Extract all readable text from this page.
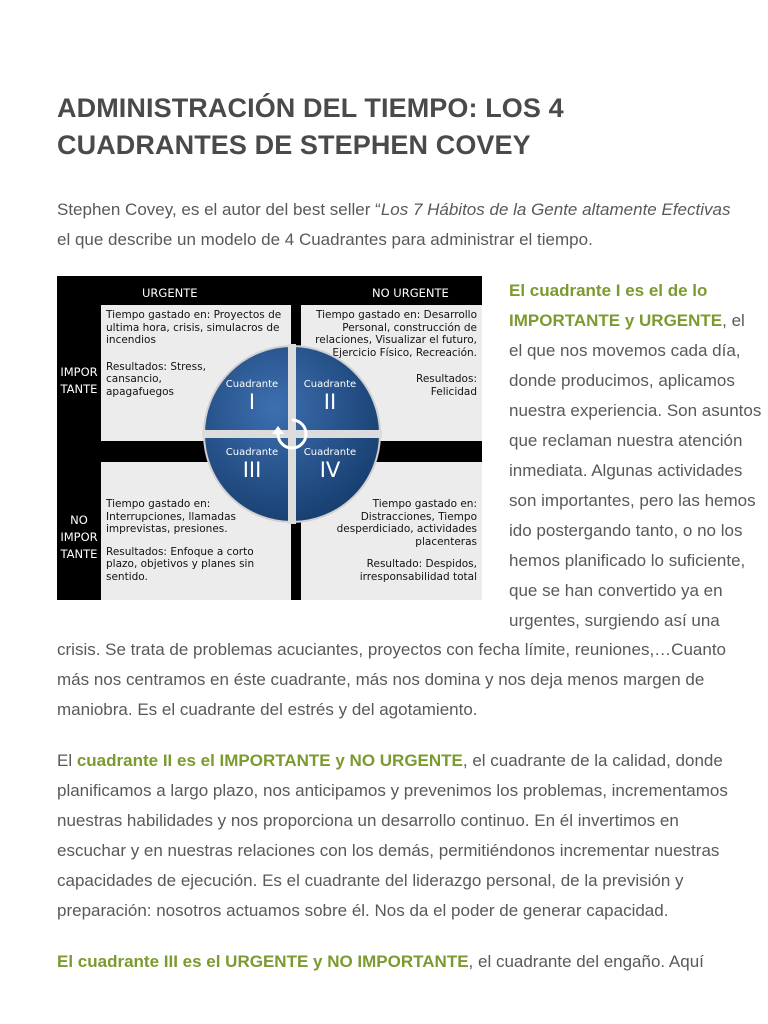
ADMINISTRACIÓN DEL TIEMPO: LOS 4
CUADRANTES DE STEPHEN COVEY

Stephen Covey, es el autor del best seller “Los 7 Hábitos de la Gente altamente Efectivas

el que describe un modelo de 4 Cuadrantes para administrar el tiempo.

URGENTE	NO URGENTE
IMPOR
TANTE
NO
IMPOR
TANTE
Tiempo gastado en: Proyectos de ultima hora, crisis, simulacros de incendios
Resultados: Stress, cansancio, apagafuegos
Tiempo gastado en: Desarrollo Personal, construcción de relaciones, Visualizar el futuro, Ejercicio Físico, Recreación.
Resultados: Felicidad
Tiempo gastado en: Interrupciones, llamadas imprevistas, presiones.
Resultados: Enfoque a corto plazo, objetivos y planes sin sentido.
Tiempo gastado en: Distracciones, Tiempo desperdiciado, actividades placenteras
Resultado: Despidos, irresponsabilidad total
Cuadrante
I
Cuadrante
II
Cuadrante
III
Cuadrante
IV

El cuadrante I es el de lo

IMPORTANTE y URGENTE, el

el que nos movemos cada día,

donde producimos, aplicamos

nuestra experiencia. Son asuntos

que reclaman nuestra atención

inmediata. Algunas actividades

son importantes, pero las hemos

ido postergando tanto, o no los

hemos planificado lo suficiente,

que se han convertido ya en

urgentes, surgiendo así una

crisis. Se trata de problemas acuciantes, proyectos con fecha límite, reuniones,…Cuanto

más nos centramos en éste cuadrante, más nos domina y nos deja menos margen de

maniobra. Es el cuadrante del estrés y del agotamiento.

El cuadrante II es el IMPORTANTE y NO URGENTE, el cuadrante de la calidad, donde

planificamos a largo plazo, nos anticipamos y prevenimos los problemas, incrementamos

nuestras habilidades y nos proporciona un desarrollo continuo. En él invertimos en

escuchar y en nuestras relaciones con los demás, permitiéndonos incrementar nuestras

capacidades de ejecución. Es el cuadrante del liderazgo personal, de la previsión y

preparación: nosotros actuamos sobre él. Nos da el poder de generar capacidad.

El cuadrante III es el URGENTE y NO IMPORTANTE, el cuadrante del engaño. Aquí
